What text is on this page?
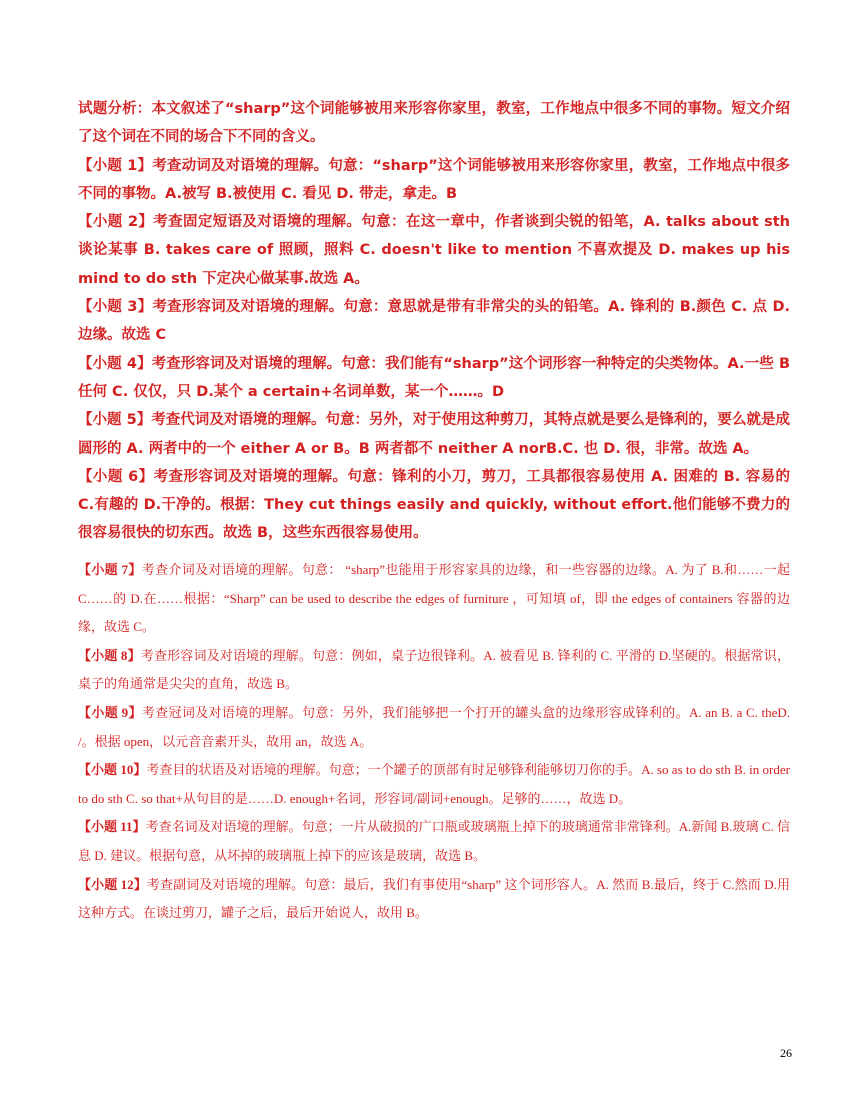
试题分析：本文叙述了“sharp”这个词能够被用来形容你家里，教室，工作地点中很多不同的事物。短文介绍了这个词在不同的场合下不同的含义。

【小题 1】考查动词及对语境的理解。句意：“sharp”这个词能够被用来形容你家里，教室，工作地点中很多不同的事物。A.被写 B.被使用 C. 看见 D. 带走，拿走。B

【小题 2】考查固定短语及对语境的理解。句意：在这一章中，作者谈到尖锐的铅笔，A. talks about sth 谈论某事 B. takes care of 照顾，照料 C. doesn't like to mention 不喜欢提及 D. makes up his mind to do sth 下定决心做某事.故选 A。

【小题 3】考查形容词及对语境的理解。句意：意思就是带有非常尖的头的铅笔。A. 锋利的 B.颜色 C. 点 D. 边缘。故选 C

【小题 4】考查形容词及对语境的理解。句意：我们能有“sharp”这个词形容一种特定的尖类物体。A.一些 B 任何 C. 仅仅，只 D.某个 a certain+名词单数，某一个……。D

【小题 5】考查代词及对语境的理解。句意：另外，对于使用这种剪刀，其特点就是要么是锋利的，要么就是成圆形的 A. 两者中的一个 either A or B。B 两者都不 neither A norB.C. 也 D. 很，非常。故选 A。

【小题 6】考查形容词及对语境的理解。句意：锋利的小刀，剪刀，工具都很容易使用 A. 困难的 B. 容易的 C.有趣的 D.干净的。根据：They cut things easily and quickly, without effort.他们能够不费力的很容易很快的切东西。故选 B，这些东西很容易使用。

【小题 7】考查介词及对语境的理解。句意： “sharp”也能用于形容家具的边缘，和一些容器的边缘。A. 为了 B.和……一起 C……的 D.在……根据：“Sharp” can be used to describe the edges of furniture ，可知填 of，即 the edges of containers 容器的边缘，故选 C。

【小题 8】考查形容词及对语境的理解。句意：例如，桌子边很锋利。A. 被看见 B. 锋利的 C. 平滑的 D.坚硬的。根据常识，桌子的角通常是尖尖的直角，故选 B。

【小题 9】考查冠词及对语境的理解。句意：另外，我们能够把一个打开的罐头盒的边缘形容成锋利的。A. an B. a C. theD. /。根据 open，以元音音素开头，故用 an，故选 A。

【小题 10】考查目的状语及对语境的理解。句意；一个罐子的顶部有时足够锋利能够切刀你的手。A. so as to do sth B. in order to do sth C. so that+从句目的是……D. enough+名词，形容词/副词+enough。足够的……，故选 D。

【小题 11】考查名词及对语境的理解。句意；一片从破损的广口瓶或玻璃瓶上掉下的玻璃通常非常锋利。A.新闻 B.玻璃 C. 信息 D. 建议。根据句意，从坏掉的玻璃瓶上掉下的应该是玻璃，故选 B。

【小题 12】考查副词及对语境的理解。句意：最后，我们有事使用“sharp” 这个词形容人。A. 然而 B.最后，终于 C.然而 D.用这种方式。在谈过剪刀，罐子之后，最后开始说人，故用 B。

26
